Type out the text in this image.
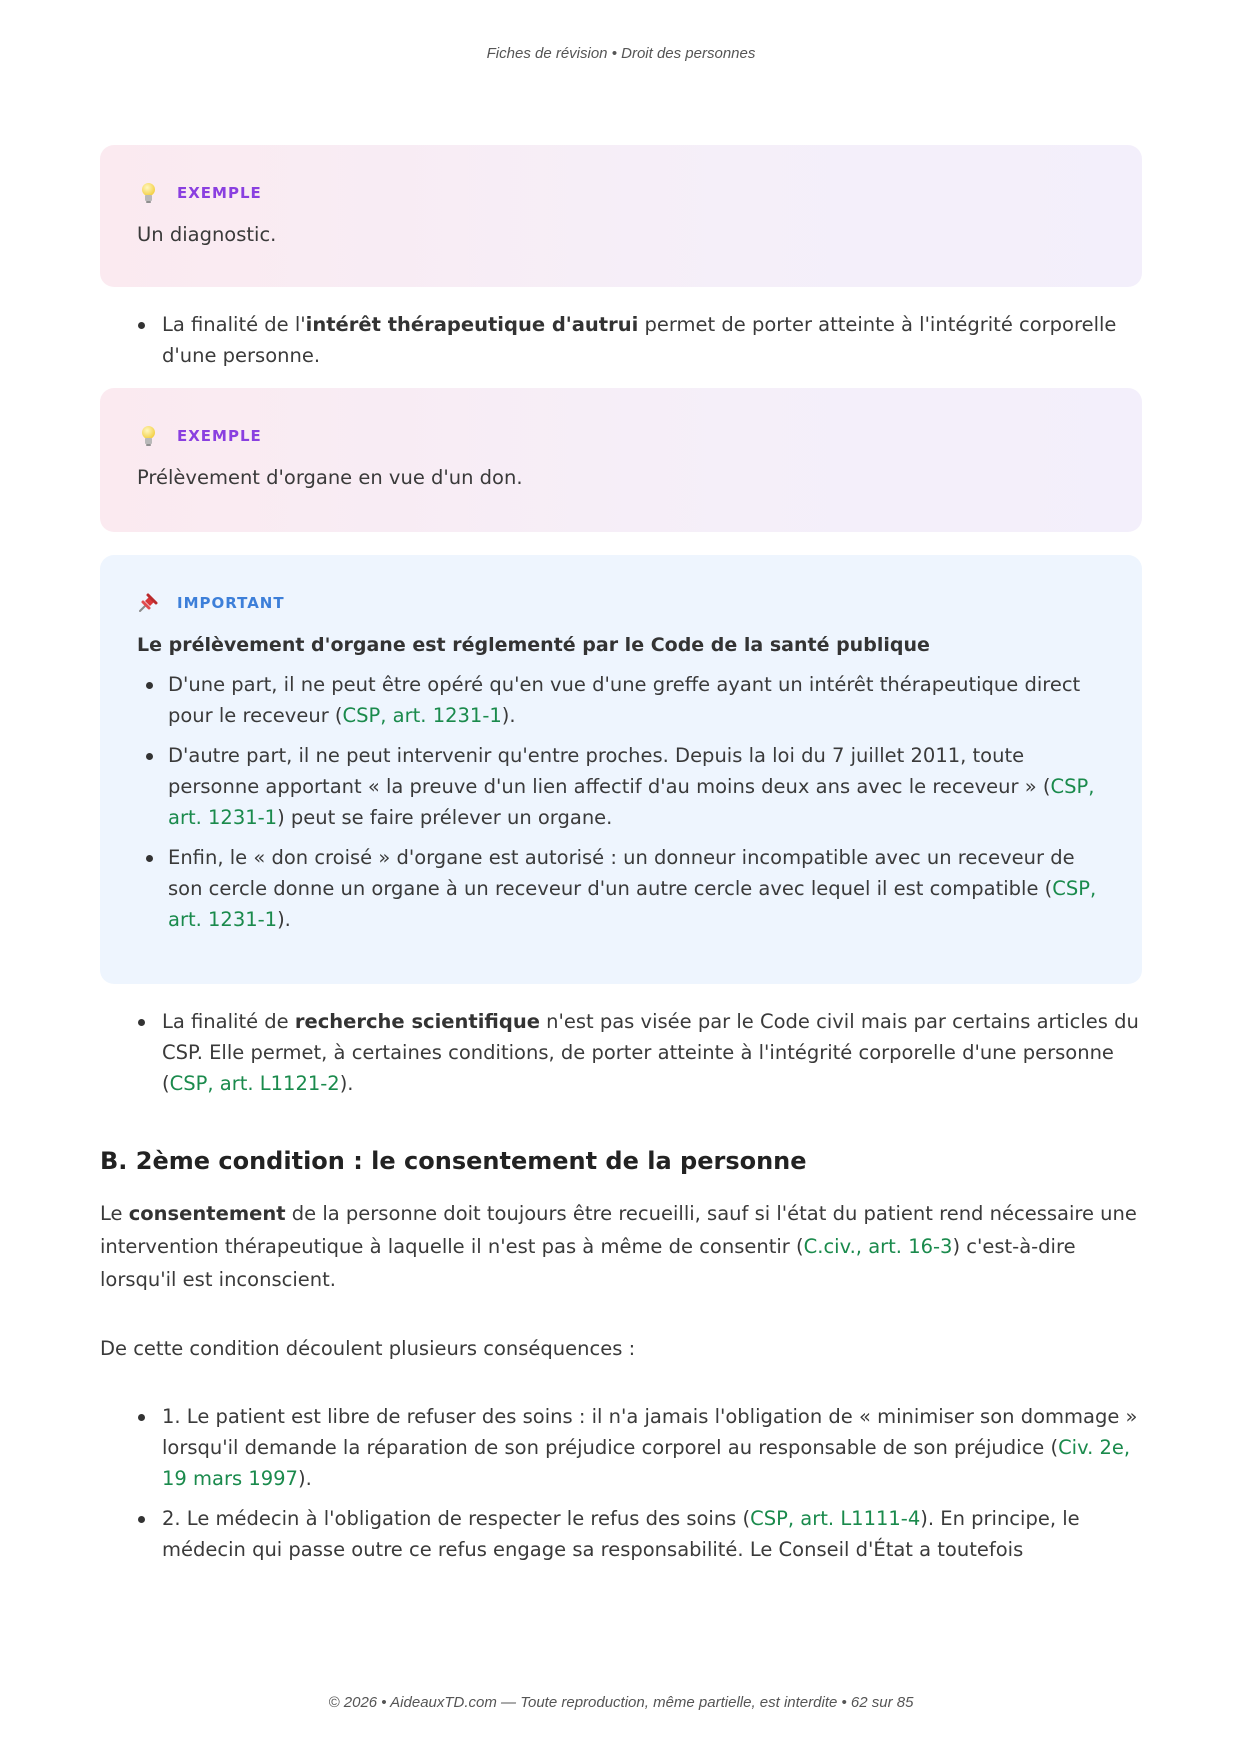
Fiches de révision • Droit des personnes
EXEMPLE
Un diagnostic.
La finalité de l'intérêt thérapeutique d'autrui permet de porter atteinte à l'intégrité corporelle d'une personne.
EXEMPLE
Prélèvement d'organe en vue d'un don.
IMPORTANT
Le prélèvement d'organe est réglementé par le Code de la santé publique
D'une part, il ne peut être opéré qu'en vue d'une greffe ayant un intérêt thérapeutique direct pour le receveur (CSP, art. 1231-1).
D'autre part, il ne peut intervenir qu'entre proches. Depuis la loi du 7 juillet 2011, toute personne apportant « la preuve d'un lien affectif d'au moins deux ans avec le receveur » (CSP, art. 1231-1) peut se faire prélever un organe.
Enfin, le « don croisé » d'organe est autorisé : un donneur incompatible avec un receveur de son cercle donne un organe à un receveur d'un autre cercle avec lequel il est compatible (CSP, art. 1231-1).
La finalité de recherche scientifique n'est pas visée par le Code civil mais par certains articles du CSP. Elle permet, à certaines conditions, de porter atteinte à l'intégrité corporelle d'une personne (CSP, art. L1121-2).
B. 2ème condition : le consentement de la personne

Le consentement de la personne doit toujours être recueilli, sauf si l'état du patient rend nécessaire une intervention thérapeutique à laquelle il n'est pas à même de consentir (C.civ., art. 16-3) c'est-à-dire lorsqu'il est inconscient.

De cette condition découlent plusieurs conséquences :

1. Le patient est libre de refuser des soins : il n'a jamais l'obligation de « minimiser son dommage » lorsqu'il demande la réparation de son préjudice corporel au responsable de son préjudice (Civ. 2e, 19 mars 1997).
2. Le médecin à l'obligation de respecter le refus des soins (CSP, art. L1111-4). En principe, le médecin qui passe outre ce refus engage sa responsabilité. Le Conseil d'État a toutefois
© 2026 • AideauxTD.com — Toute reproduction, même partielle, est interdite • 62 sur 85
